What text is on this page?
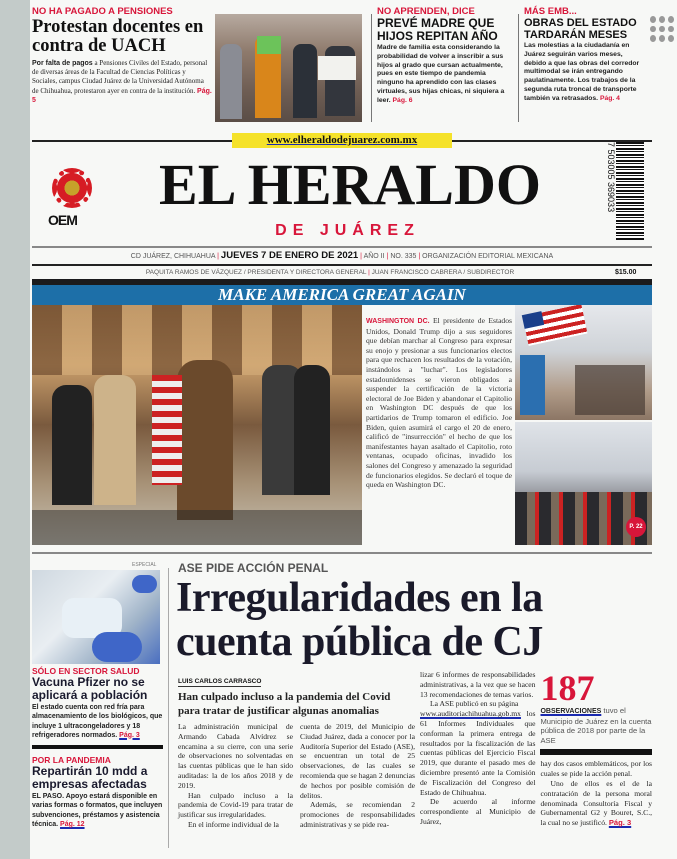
NO HA PAGADO A PENSIONES
Protestan docentes en contra de UACH
Por falta de pagos a Pensiones Civiles del Estado, personal de diversas áreas de la Facultad de Ciencias Políticas y Sociales, campus Ciudad Juárez de la Universidad Autónoma de Chihuahua, protestaron ayer en contra de la institución. Pág. 5
NO APRENDEN, DICE
PREVÉ MADRE QUE HIJOS REPITAN AÑO
Madre de familia esta considerando la probabilidad de volver a inscribir a sus hijos al grado que cursan actualmente, pues en este tiempo de pandemia ninguno ha aprendido con las clases virtuales, sus hijas chicas, ni siquiera a leer. Pág. 6
MÁS EMB...
OBRAS DEL ESTADO TARDARÁN MESES
Las molestias a la ciudadanía en Juárez seguirán varios meses, debido a que las obras del corredor multimodal se irán entregando paulatinamente. Los trabajos de la segunda ruta troncal de transporte también va retrasados. Pág. 4
www.elheraldodejuarez.com.mx
OEM
EL HERALDO
DE JUÁREZ
7 503005 369033
CD JUÁREZ, CHIHUAHUA | JUEVES 7 DE ENERO DE 2021 | AÑO II | NO. 335 | ORGANIZACIÓN EDITORIAL MEXICANA
PAQUITA RAMOS DE VÁZQUEZ / PRESIDENTA Y DIRECTORA GENERAL | JUAN FRANCISCO CABRERA / SUBDIRECTOR	$15.00
MAKE AMERICA GREAT AGAIN
WASHINGTON DC. El presidente de Estados Unidos, Donald Trump dijo a sus seguidores que debían marchar al Congreso para expresar su enojo y presionar a sus funcionarios electos para que rechacen los resultados de la votación, instándolos a "luchar". Los legisladores estadounidenses se vieron obligados a suspender la certificación de la victoria electoral de Joe Biden y abandonar el Capitolio en Washington DC después de que los partidarios de Trump tomaron el edificio. Joe Biden, quien asumirá el cargo el 20 de enero, calificó de "insurrección" el hecho de que los manifestantes hayan asaltado el Capitolio, roto ventanas, ocupado oficinas, invadido los salones del Congreso y amenazado la seguridad de funcionarios elegidos. Se declaró el toque de queda en Washington DC.
P. 22
ESPECIAL
SÓLO EN SECTOR SALUD
Vacuna Pfizer no se aplicará a población
El estado cuenta con red fría para almacenamiento de los biológicos, que incluye 1 ultracongeladores y 18 refrigeradores normados. Pág. 3
POR LA PANDEMIA
Repartirán 10 mdd a empresas afectadas
EL PASO. Apoyo estará disponible en varias formas o formatos, que incluyen subvenciones, préstamos y asistencia técnica. Pág. 12
ASE PIDE ACCIÓN PENAL
Irregularidades en la cuenta pública de CJ
LUIS CARLOS CARRASCO
Han culpado incluso a la pandemia del Covid para tratar de justificar algunas anomalias

La administración municipal de Armando Cabada Alvídrez se encamina a su cierre, con una serie de observaciones no solventadas en las cuentas públicas que le han sido auditadas: la de los años 2018 y de 2019.

Han culpado incluso a la pandemia de Covid-19 para tratar de justificar sus irregularidades.

En el informe individual de la

cuenta de 2019, del Municipio de Ciudad Juárez, dada a conocer por la Auditoría Superior del Estado (ASE), se encuentran un total de 25 observaciones, de las cuales se recomienda que se hagan 2 denuncias de hechos por posible comisión de delitos.

Además, se recomiendan 2 promociones de responsabilidades administrativas y se pide rea-

lizar 6 informes de responsabilidades administrativas, a la vez que se hacen 13 recomendaciones de temas varios.

La ASE publicó en su página

www.auditoriachihuahua.gob.mx los 61 Informes Individuales que conforman la primera entrega de resultados por la fiscalización de las cuentas públicas del Ejercicio Fiscal 2019, que durante el pasado mes de diciembre presentó ante la Comisión de Fiscalización del Congreso del Estado de Chihuahua.

De acuerdo al informe correspondiente al Municipio de Juárez,

187
OBSERVACIONES tuvo el Municipio de Juárez en la cuenta pública de 2018 por parte de la ASE

hay dos casos emblemáticos, por los cuales se pide la acción penal.

Uno de ellos es el de la contratación de la persona moral denominada Consultoría Fiscal y Gubernamental G2 y Bouret, S.C., la cual no se justificó. Pág. 3
